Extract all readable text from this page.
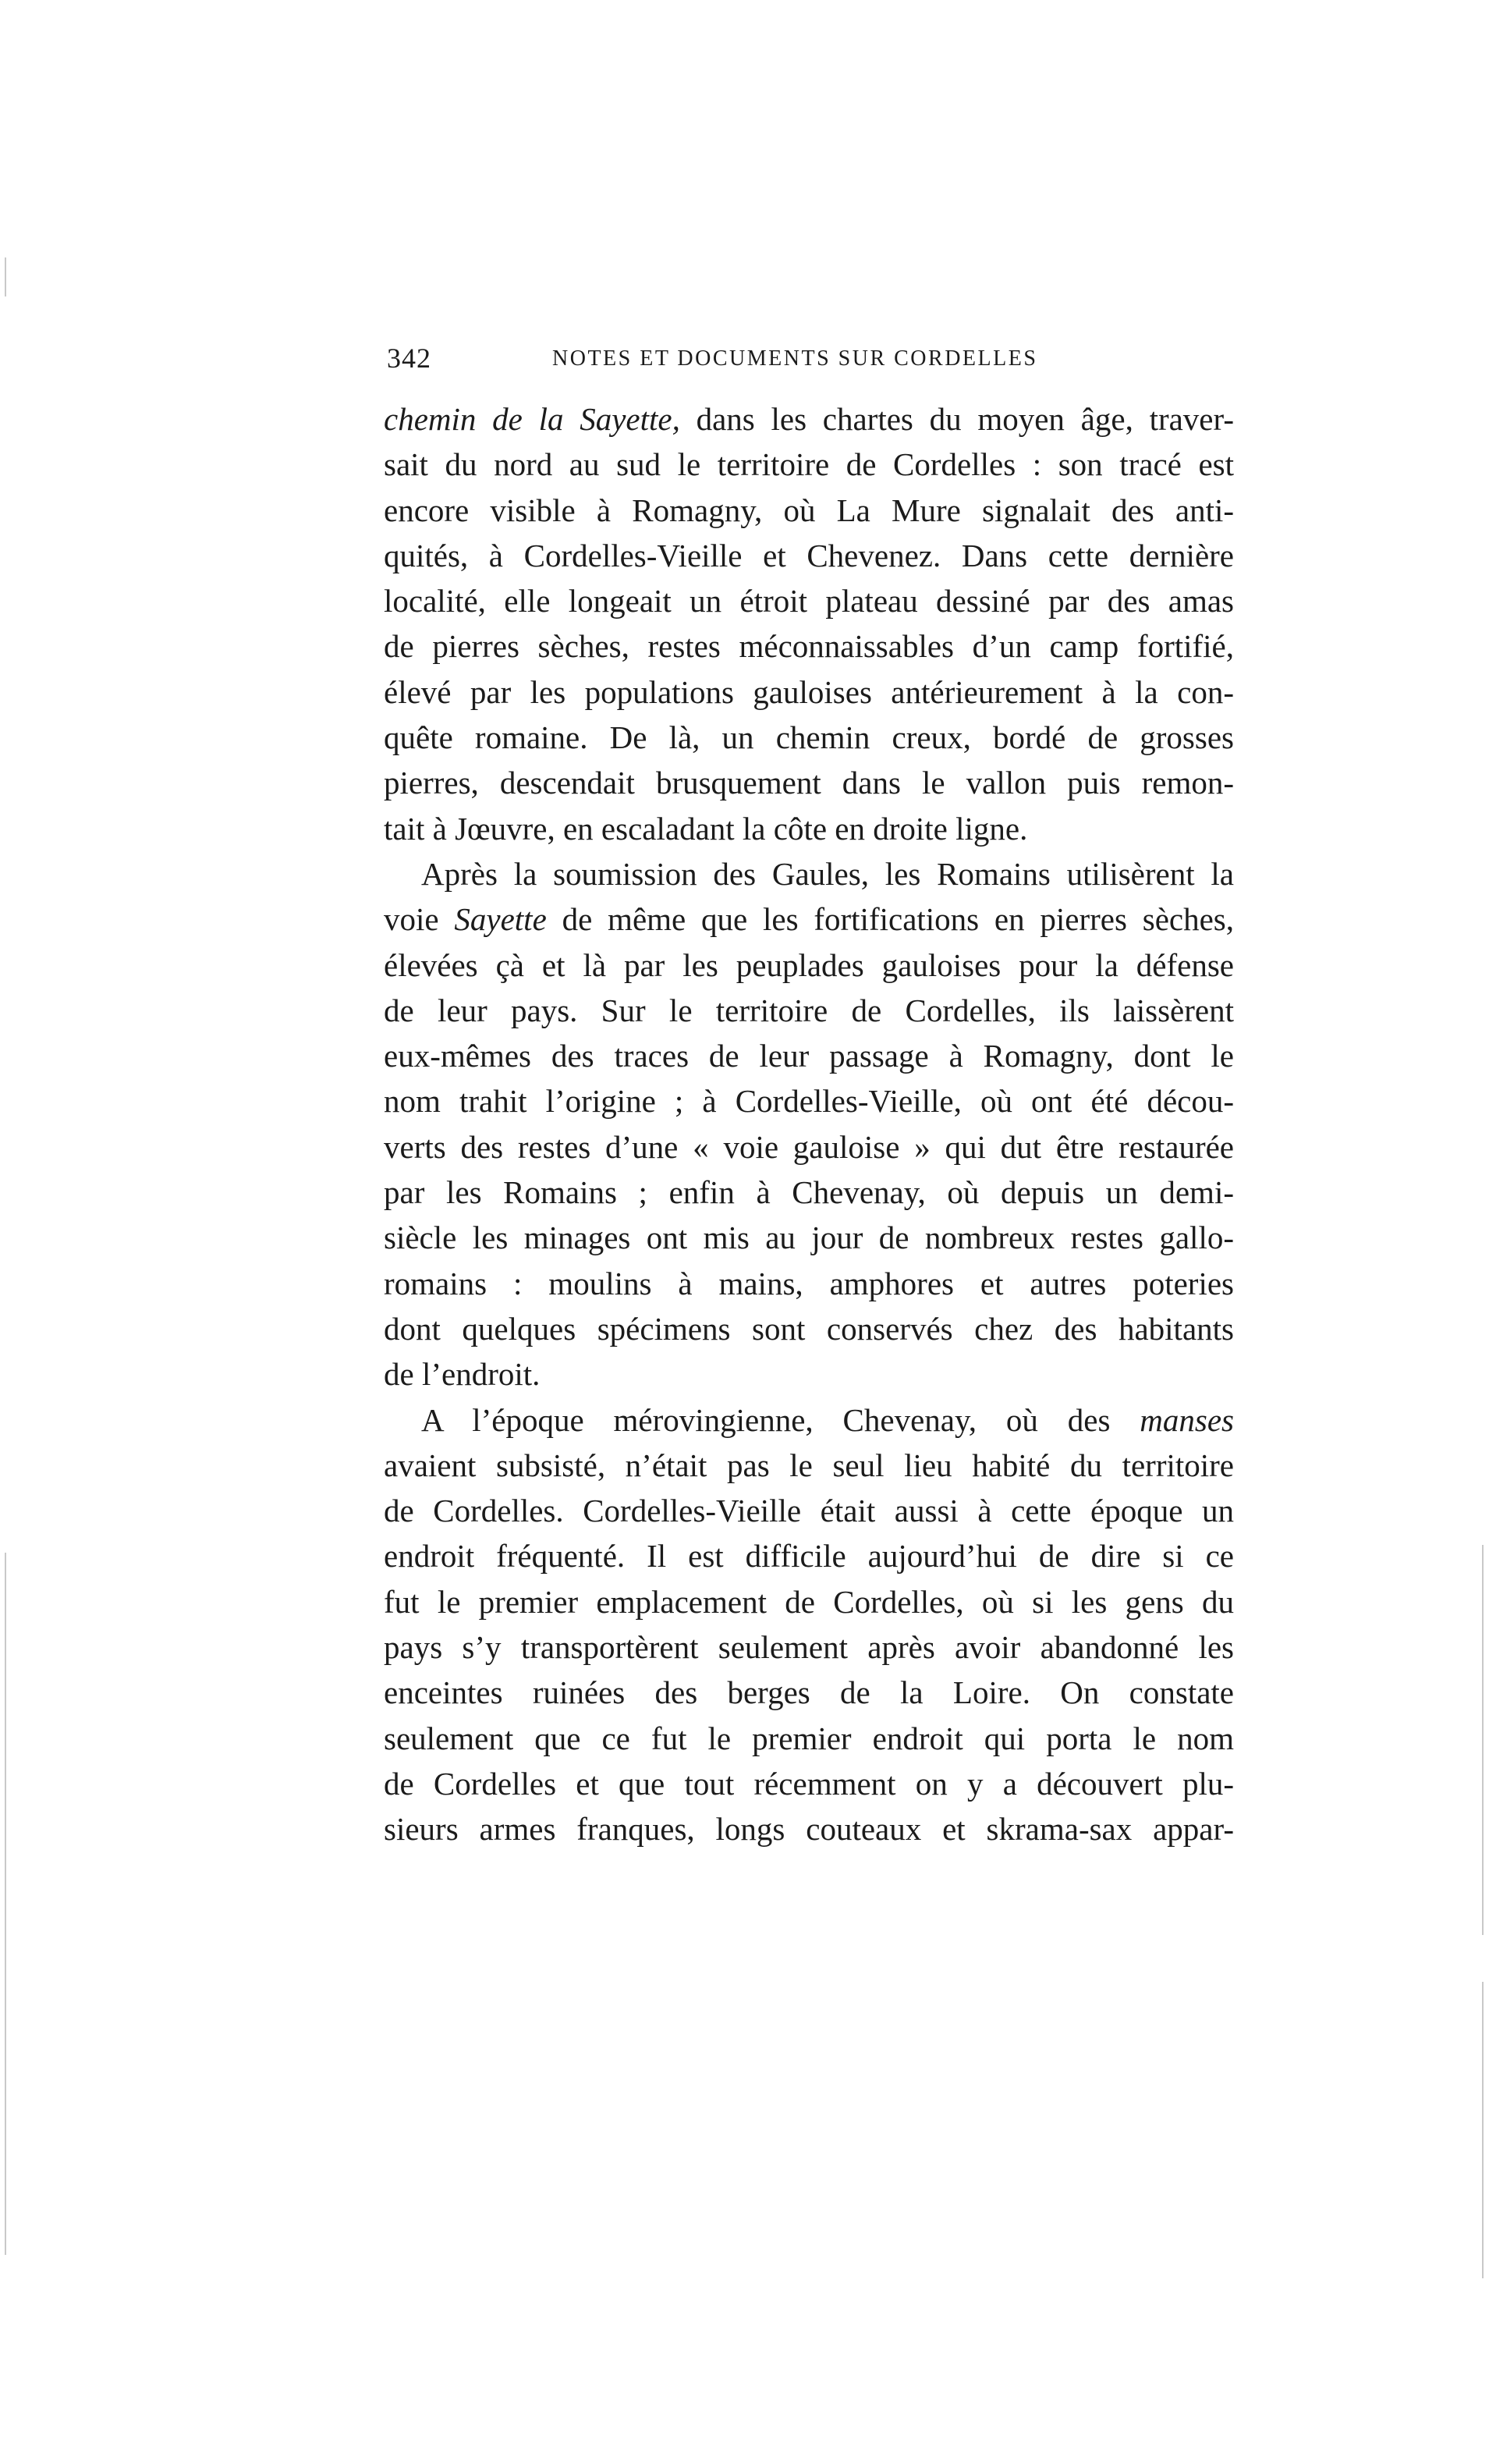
342	NOTES ET DOCUMENTS SUR CORDELLES
chemin de la Sayette, dans les chartes du moyen âge, traver-
sait du nord au sud le territoire de Cordelles : son tracé est
encore visible à Romagny, où La Mure signalait des anti-
quités, à Cordelles-Vieille et Chevenez. Dans cette dernière
localité, elle longeait un étroit plateau dessiné par des amas
de pierres sèches, restes méconnaissables d’un camp fortifié,
élevé par les populations gauloises antérieurement à la con-
quête romaine. De là, un chemin creux, bordé de grosses
pierres, descendait brusquement dans le vallon puis remon-
tait à Jœuvre, en escaladant la côte en droite ligne.
Après la soumission des Gaules, les Romains utilisèrent la
voie Sayette de même que les fortifications en pierres sèches,
élevées çà et là par les peuplades gauloises pour la défense
de leur pays. Sur le territoire de Cordelles, ils laissèrent
eux-mêmes des traces de leur passage à Romagny, dont le
nom trahit l’origine ; à Cordelles-Vieille, où ont été décou-
verts des restes d’une « voie gauloise » qui dut être restaurée
par les Romains ; enfin à Chevenay, où depuis un demi-
siècle les minages ont mis au jour de nombreux restes gallo-
romains : moulins à mains, amphores et autres poteries
dont quelques spécimens sont conservés chez des habitants
de l’endroit.
A l’époque mérovingienne, Chevenay, où des manses
avaient subsisté, n’était pas le seul lieu habité du territoire
de Cordelles. Cordelles-Vieille était aussi à cette époque un
endroit fréquenté. Il est difficile aujourd’hui de dire si ce
fut le premier emplacement de Cordelles, où si les gens du
pays s’y transportèrent seulement après avoir abandonné les
enceintes ruinées des berges de la Loire. On constate
seulement que ce fut le premier endroit qui porta le nom
de Cordelles et que tout récemment on y a découvert plu-
sieurs armes franques, longs couteaux et skrama-sax appar-
